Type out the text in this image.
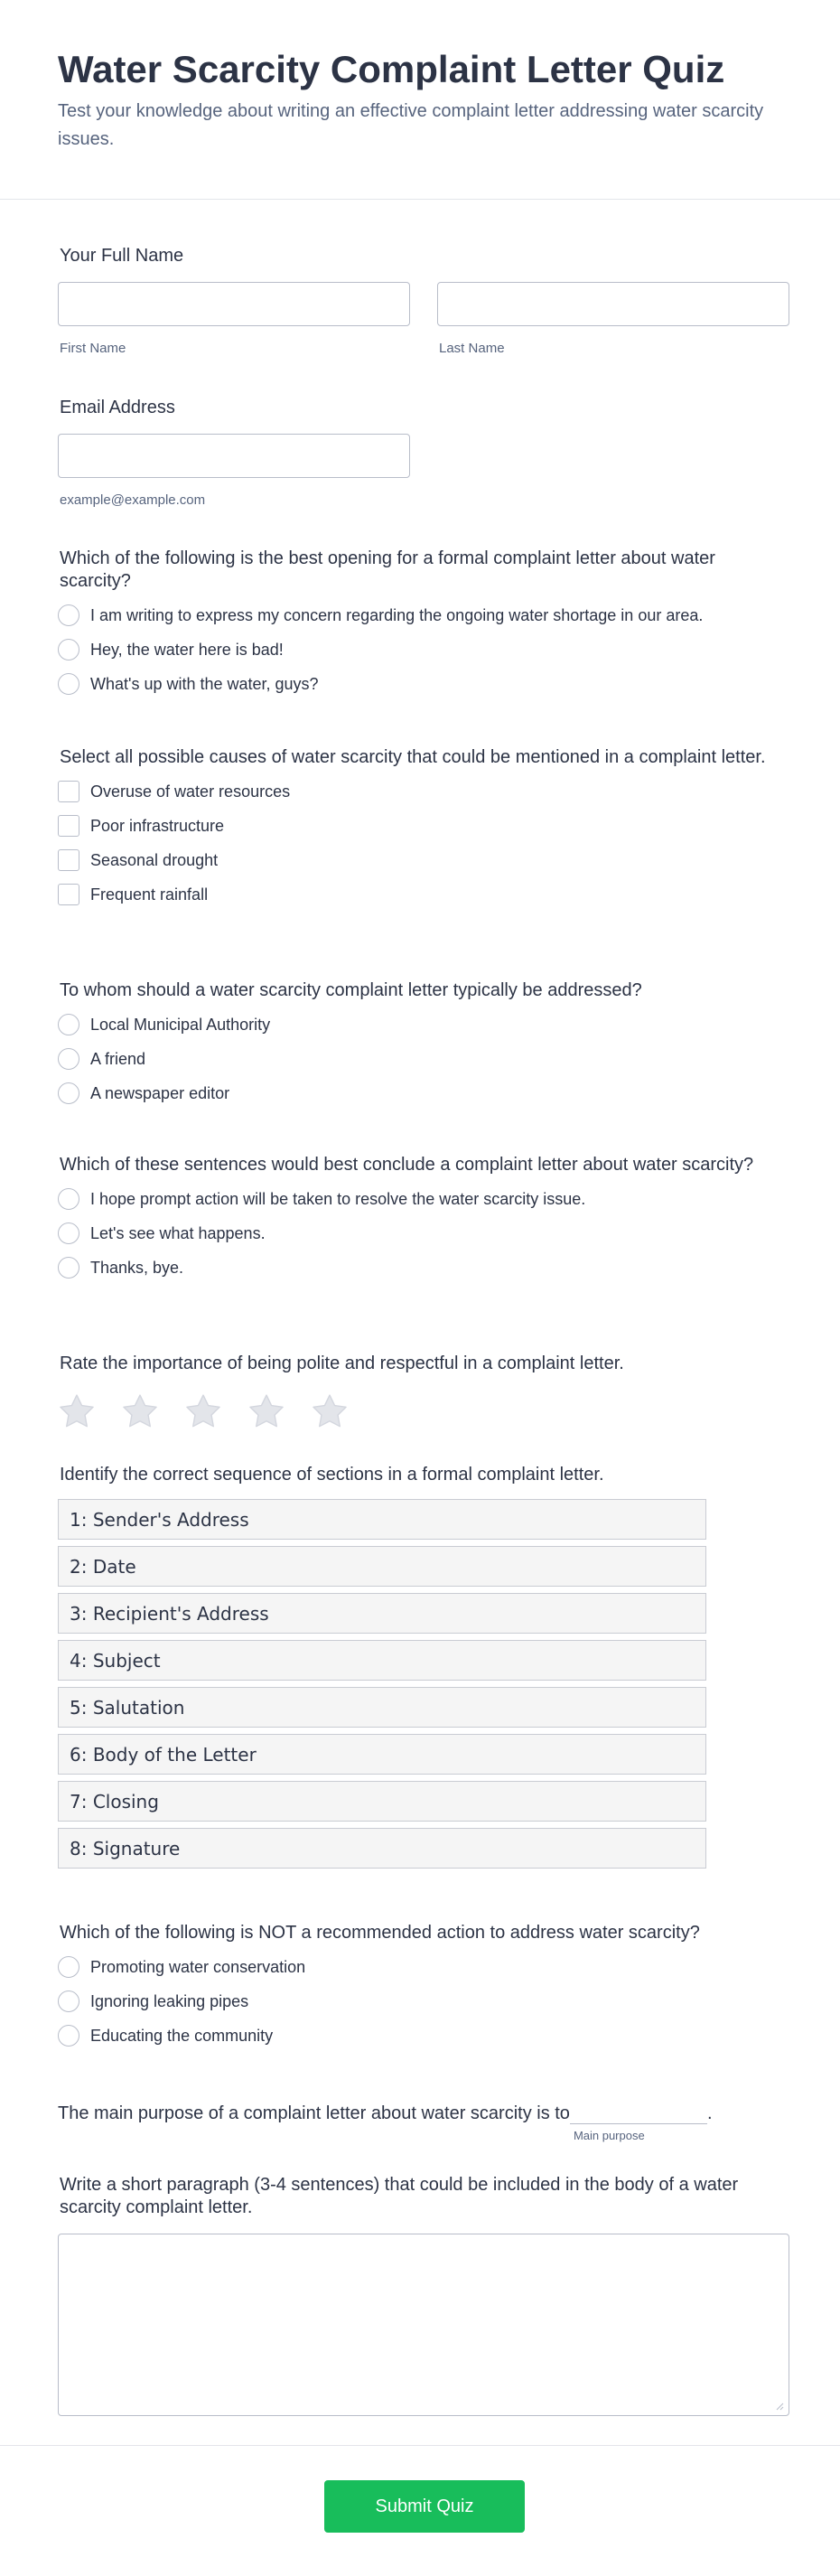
Water Scarcity Complaint Letter Quiz

Test your knowledge about writing an effective complaint letter addressing water scarcity issues.

Your Full Name
First Name	Last Name
Email Address
example@example.com
Which of the following is the best opening for a formal complaint letter about water scarcity?
I am writing to express my concern regarding the ongoing water shortage in our area.
Hey, the water here is bad!
What's up with the water, guys?
Select all possible causes of water scarcity that could be mentioned in a complaint letter.
Overuse of water resources
Poor infrastructure
Seasonal drought
Frequent rainfall
To whom should a water scarcity complaint letter typically be addressed?
Local Municipal Authority
A friend
A newspaper editor
Which of these sentences would best conclude a complaint letter about water scarcity?
I hope prompt action will be taken to resolve the water scarcity issue.
Let's see what happens.
Thanks, bye.
Rate the importance of being polite and respectful in a complaint letter.
Identify the correct sequence of sections in a formal complaint letter.
1: Sender's Address
2: Date
3: Recipient's Address
4: Subject
5: Salutation
6: Body of the Letter
7: Closing
8: Signature
Which of the following is NOT a recommended action to address water scarcity?
Promoting water conservation
Ignoring leaking pipes
Educating the community
The main purpose of a complaint letter about water scarcity is to
Main purpose
.
Write a short paragraph (3-4 sentences) that could be included in the body of a water scarcity complaint letter.
Submit Quiz
